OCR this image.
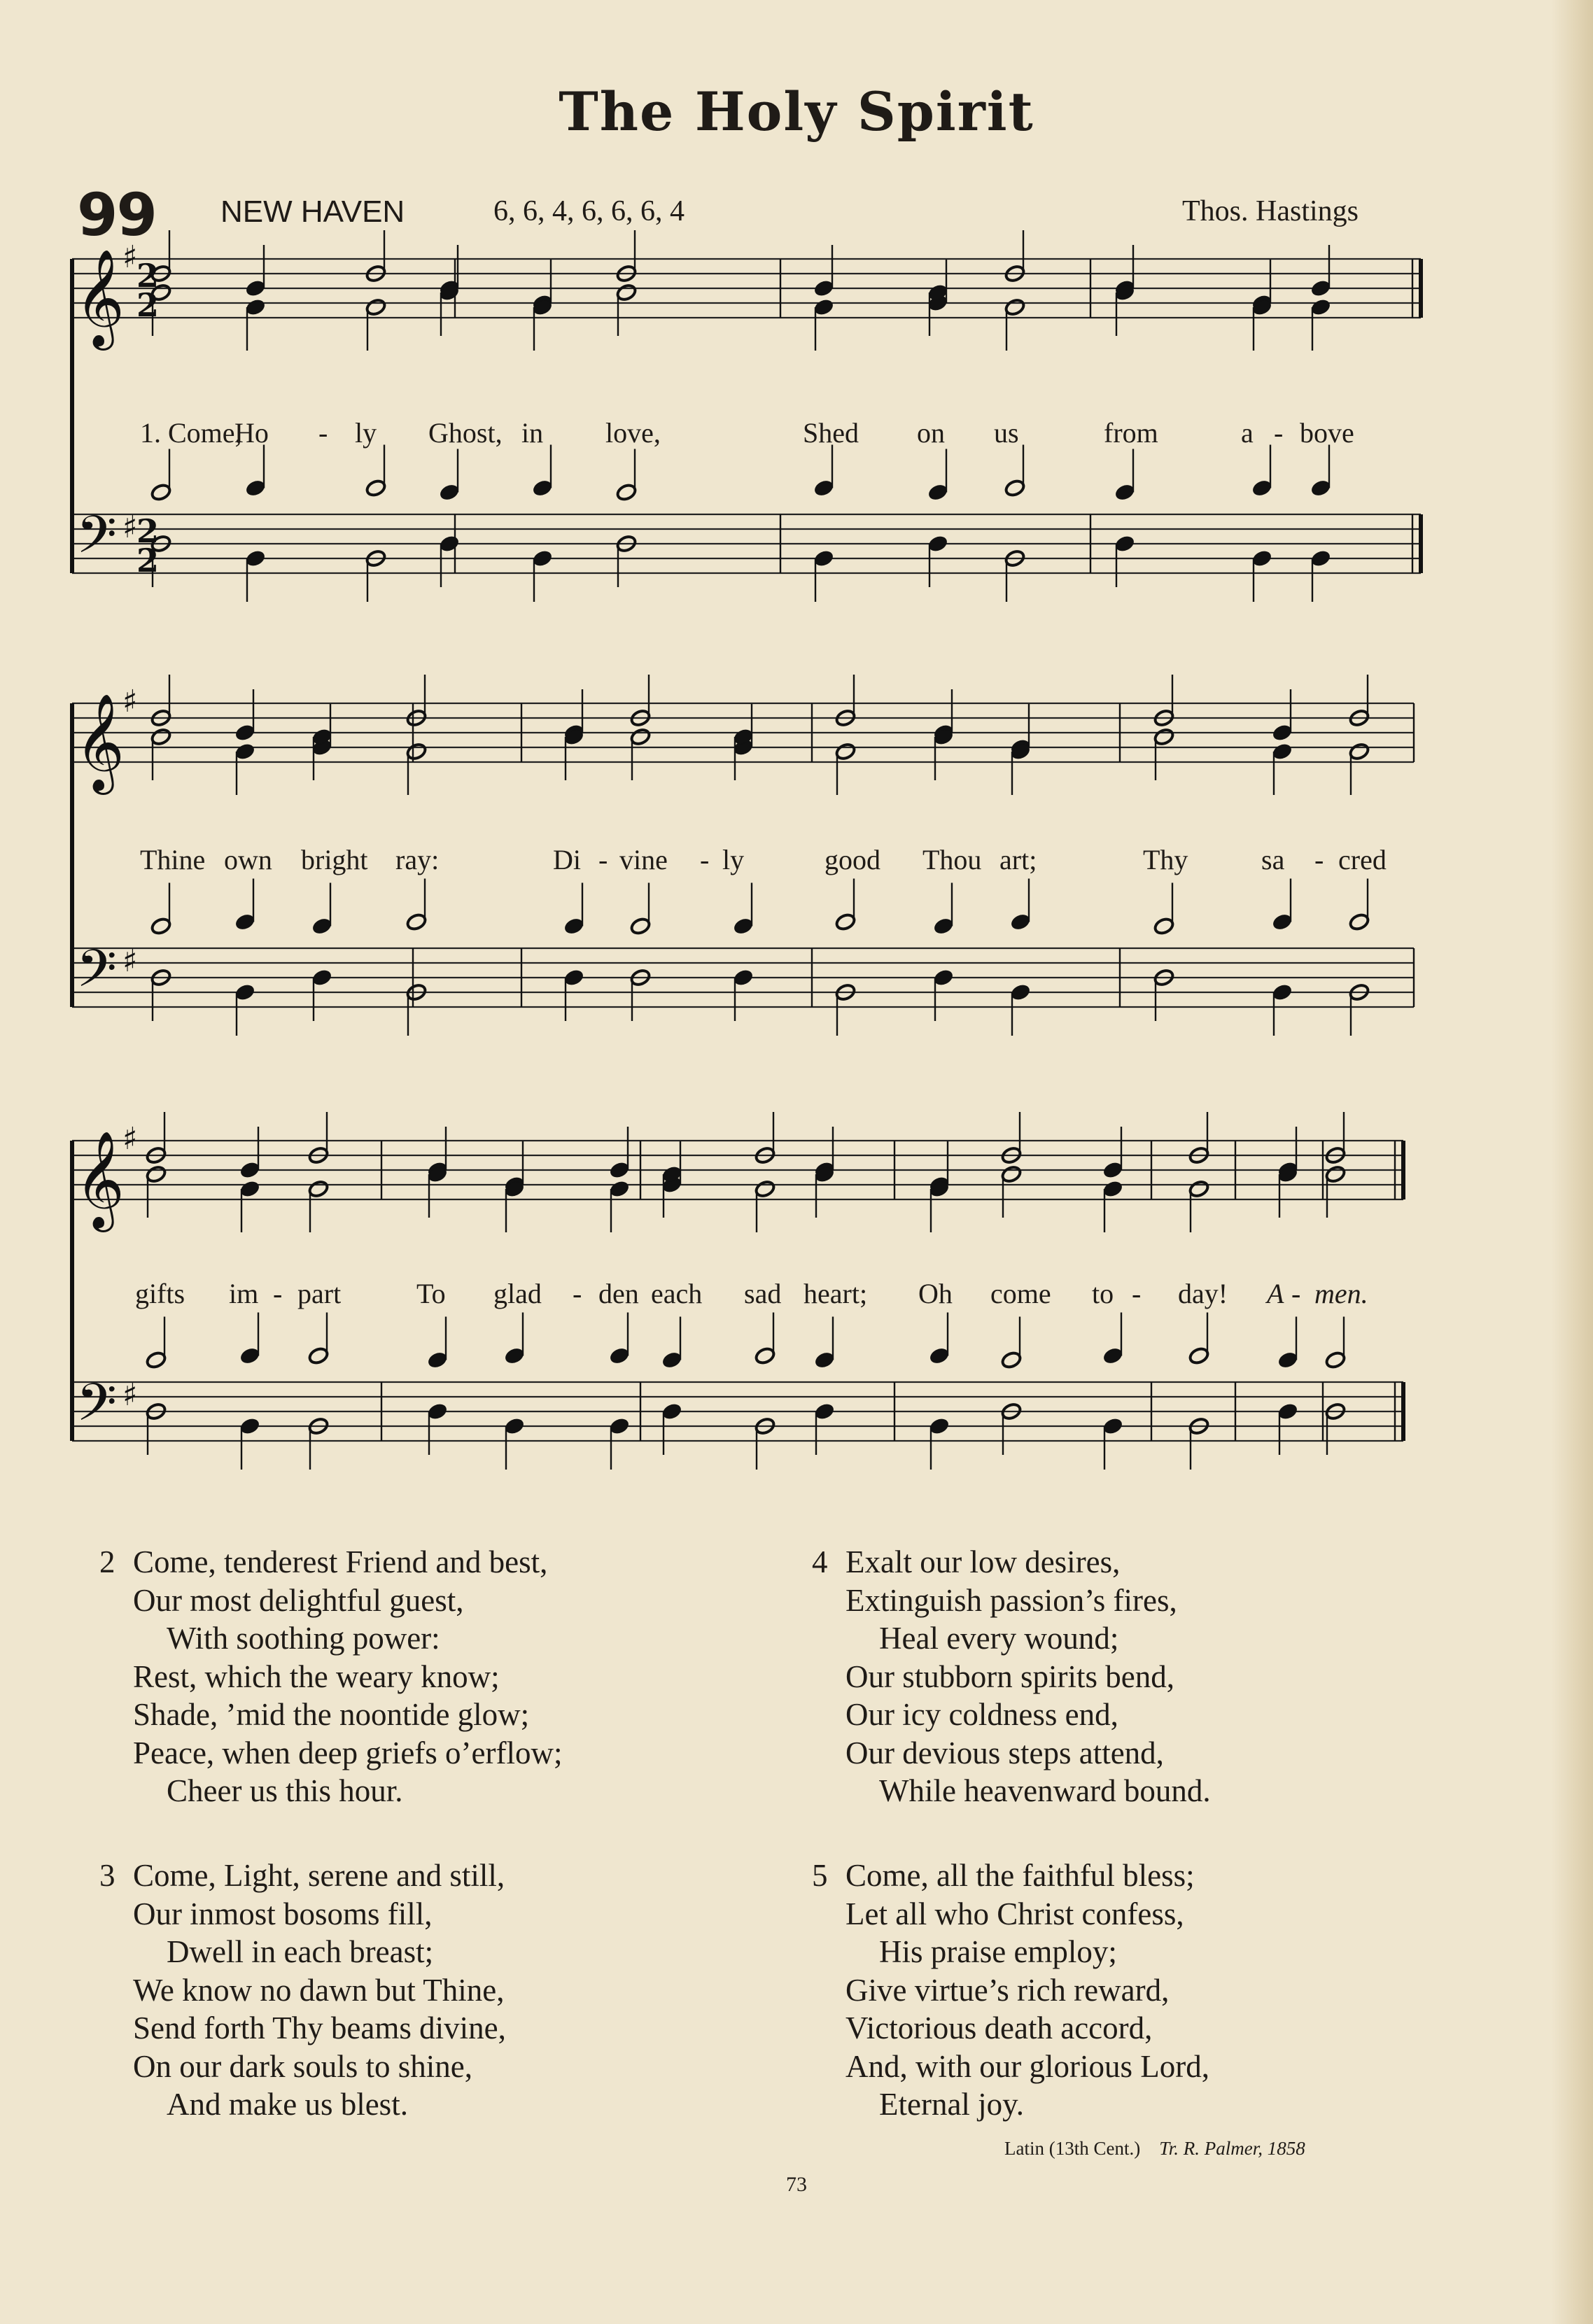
The Holy Spirit
99 NEW HAVEN	6, 6, 4, 6, 6, 6, 4	Thos. Hastings
𝄞
𝄢
♯
♯
2
2
2
2
𝄞
𝄢
♯
♯
𝄞
𝄢
♯
♯
1. Come,
Ho - ly Ghost, in love,	Shed on us	from	a - bove
Thine own bright ray:	Di - vine - ly	good Thou art;	Thy	sa - cred
gifts im - part	To glad - den each sad heart; Oh come to - day! A - men.
2 Come, tenderest Friend and best,
Our most delightful guest,
With soothing power:
Rest, which the weary know;
Shade, ’mid the noontide glow;
Peace, when deep griefs o’erflow;
Cheer us this hour.
3 Come, Light, serene and still,
Our inmost bosoms fill,
Dwell in each breast;
We know no dawn but Thine,
Send forth Thy beams divine,
On our dark souls to shine,
And make us blest.
4 Exalt our low desires,
Extinguish passion’s fires,
Heal every wound;
Our stubborn spirits bend,
Our icy coldness end,
Our devious steps attend,
While heavenward bound.
5 Come, all the faithful bless;
Let all who Christ confess,
His praise employ;
Give virtue’s rich reward,
Victorious death accord,
And, with our glorious Lord,
Eternal joy.
Latin (13th Cent.) Tr. R. Palmer, 1858
73
